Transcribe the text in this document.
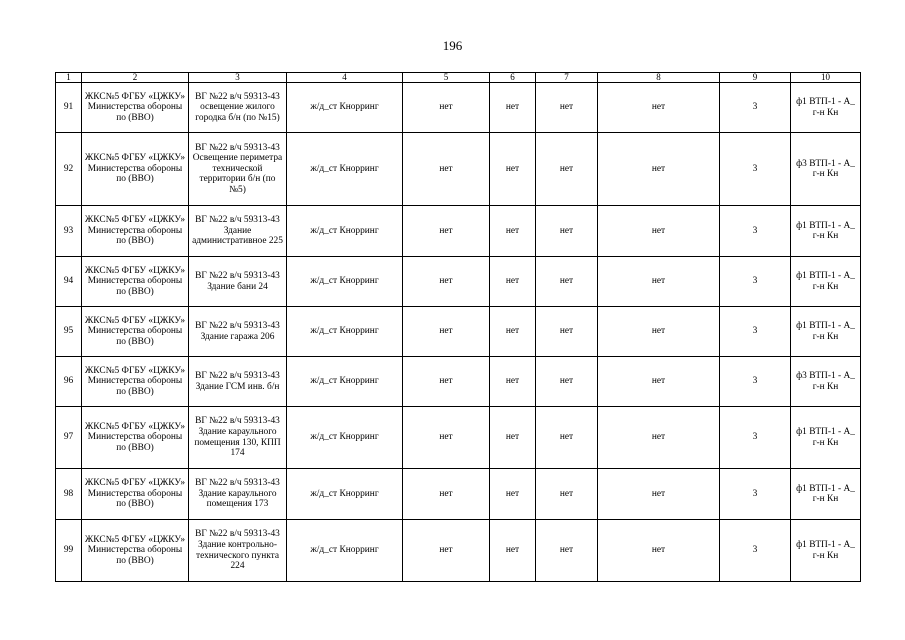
196
1	2	3	4	5	6	7	8	9	10
91	ЖКС№5 ФГБУ «ЦЖКУ» Министерства обороны по (ВВО)	ВГ №22 в/ч 59313-43 освещение жилого городка б/н (по №15)	ж/д_ст Кнорринг	нет	нет	нет	нет	3	ф1 ВТП-1 - А_ г-н Кн
92	ЖКС№5 ФГБУ «ЦЖКУ» Министерства обороны по (ВВО)	ВГ №22 в/ч 59313-43 Освещение периметра технической территории б/н (по №5)	ж/д_ст Кнорринг	нет	нет	нет	нет	3	ф3 ВТП-1 - А_ г-н Кн
93	ЖКС№5 ФГБУ «ЦЖКУ» Министерства обороны по (ВВО)	ВГ №22 в/ч 59313-43 Здание административное 225	ж/д_ст Кнорринг	нет	нет	нет	нет	3	ф1 ВТП-1 - А_ г-н Кн
94	ЖКС№5 ФГБУ «ЦЖКУ» Министерства обороны по (ВВО)	ВГ №22 в/ч 59313-43 Здание бани 24	ж/д_ст Кнорринг	нет	нет	нет	нет	3	ф1 ВТП-1 - А_ г-н Кн
95	ЖКС№5 ФГБУ «ЦЖКУ» Министерства обороны по (ВВО)	ВГ №22 в/ч 59313-43 Здание гаража 206	ж/д_ст Кнорринг	нет	нет	нет	нет	3	ф1 ВТП-1 - А_ г-н Кн
96	ЖКС№5 ФГБУ «ЦЖКУ» Министерства обороны по (ВВО)	ВГ №22 в/ч 59313-43 Здание ГСМ инв. б/н	ж/д_ст Кнорринг	нет	нет	нет	нет	3	ф3 ВТП-1 - А_ г-н Кн
97	ЖКС№5 ФГБУ «ЦЖКУ» Министерства обороны по (ВВО)	ВГ №22 в/ч 59313-43 Здание караульного помещения 130, КПП 174	ж/д_ст Кнорринг	нет	нет	нет	нет	3	ф1 ВТП-1 - А_ г-н Кн
98	ЖКС№5 ФГБУ «ЦЖКУ» Министерства обороны по (ВВО)	ВГ №22 в/ч 59313-43 Здание караульного помещения 173	ж/д_ст Кнорринг	нет	нет	нет	нет	3	ф1 ВТП-1 - А_ г-н Кн
99	ЖКС№5 ФГБУ «ЦЖКУ» Министерства обороны по (ВВО)	ВГ №22 в/ч 59313-43 Здание контрольно-технического пункта 224	ж/д_ст Кнорринг	нет	нет	нет	нет	3	ф1 ВТП-1 - А_ г-н Кн
